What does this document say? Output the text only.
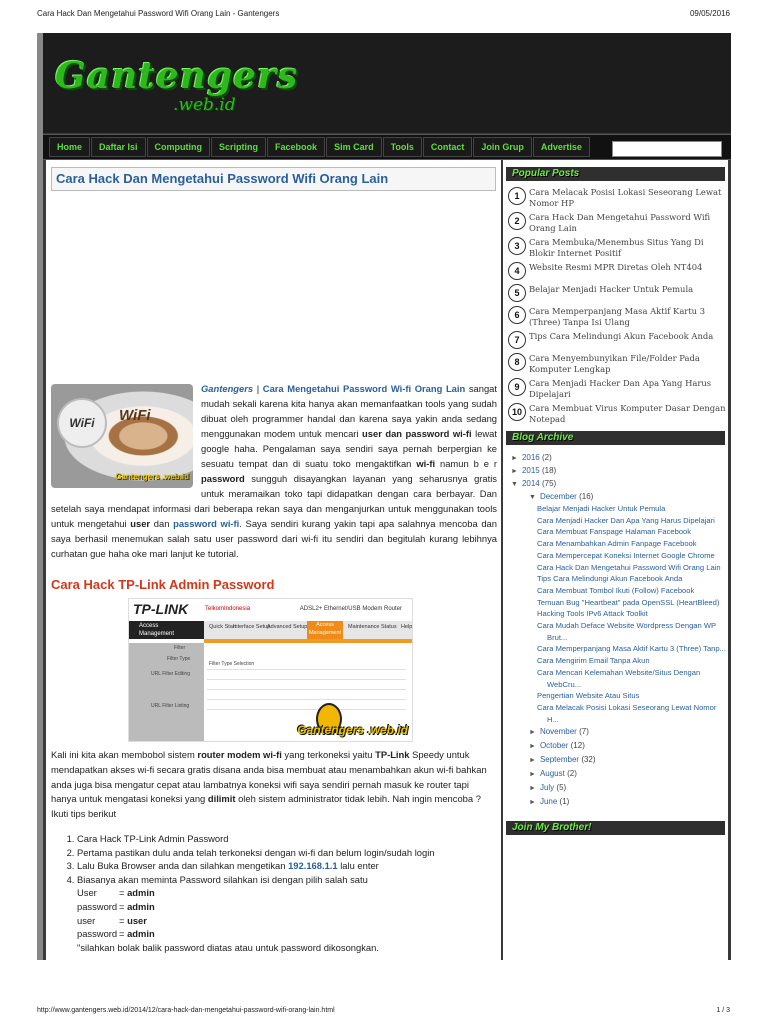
Cara Hack Dan Mengetahui Password Wifi Orang Lain - Gantengers	09/05/2016
Gantengers
.web.id
Home	Daftar Isi	Computing	Scripting	Facebook	Sim Card	Tools	Contact	Join Grup	Advertise
Cara Hack Dan Mengetahui Password Wifi Orang Lain
WiFi	WiFi
Gantengers .web.id
Gantengers | Cara Mengetahui Password Wi-fi Orang Lain sangat mudah sekali karena kita hanya akan memanfaatkan tools yang sudah dibuat oleh programmer handal dan karena saya yakin anda sedang menggunakan modem untuk mencari user dan password wi-fi lewat google haha. Pengalaman saya sendiri saya pernah berpergian ke sesuatu tempat dan di suatu toko mengaktifkan wi-fi namun b e r password sungguh disayangkan layanan yang seharusnya gratis untuk meramaikan toko tapi didapatkan dengan cara berbayar. Dan setelah saya mendapat informasi dari beberapa rekan saya dan menganjurkan untuk menggunakan tools untuk mengetahui user dan password wi-fi. Saya sendiri kurang yakin tapi apa salahnya mencoba dan saya berhasil menemukan salah satu user password dari wi-fi itu sendiri dan begitulah kurang lebihnya curhatan gue haha oke mari lanjut ke tutorial.
Cara Hack TP-Link Admin Password
TP-LINK	TelkomIndonesia	ADSL2+ Ethernet/USB Modem Router
Access Management
Quick Start
Interface Setup
Advanced Setup	Access Management
Maintenance Status Help
Filter
Filter Type
URL Filter Editing
URL Filter Listing
Filter Type Selection
Gantengers .web.id
Kali ini kita akan membobol sistem router modem wi-fi yang terkoneksi yaitu TP-Link Speedy untuk mendapatkan akses wi-fi secara gratis disana anda bisa membuat atau menambahkan akun wi-fi bahkan anda juga bisa mengatur cepat atau lambatnya koneksi wifi saya sendiri pernah masuk ke router tapi hanya untuk mengatasi koneksi yang dilimit oleh sistem administrator tidak lebih. Nah ingin mencoba ? Ikuti tips berikut
1. Cara Hack TP-Link Admin Password
2. Pertama pastikan dulu anda telah terkoneksi dengan wi-fi dan belum login/sudah login
3. Lalu Buka Browser anda dan silahkan mengetikan 192.168.1.1 lalu enter
4. Biasanya akan meminta Password silahkan isi dengan pilih salah satu
User = admin
password = admin
user	= user
password = admin
"silahkan bolak balik password diatas atau untuk password dikosongkan.
Popular Posts
1	Cara Melacak Posisi Lokasi Seseorang Lewat Nomor HP
2	Cara Hack Dan Mengetahui Password Wifi Orang Lain
3	Cara Membuka/Menembus Situs Yang Di Blokir Internet Positif
4	Website Resmi MPR Diretas Oleh NT404
5	Belajar Menjadi Hacker Untuk Pemula
6	Cara Memperpanjang Masa Aktif Kartu 3 (Three) Tanpa Isi Ulang
7	Tips Cara Melindungi Akun Facebook Anda
8	Cara Menyembunyikan File/Folder Pada Komputer Lengkap
9	Cara Menjadi Hacker Dan Apa Yang Harus Dipelajari
10 Cara Membuat Virus Komputer Dasar Dengan Notepad
Blog Archive
► 2016 (2)
► 2015 (18)
▼ 2014 (75)
▼ December (16)
Belajar Menjadi Hacker Untuk Pemula
Cara Menjadi Hacker Dan Apa Yang Harus Dipelajari
Cara Membuat Fanspage Halaman Facebook
Cara Menambahkan Admin Fanpage Facebook
Cara Mempercepat Koneksi Internet Google Chrome
Cara Hack Dan Mengetahui Password Wifi Orang Lain
Tips Cara Melindungi Akun Facebook Anda
Cara Membuat Tombol Ikuti (Follow) Facebook
Temuan Bug "Heartbeat" pada OpenSSL (HeartBleed)
Hacking Tools IPv6 Attack Toolkit
Cara Mudah Deface Website Wordpress Dengan WP Brut...
Cara Memperpanjang Masa Aktif Kartu 3 (Three) Tanp...
Cara Mengirim Email Tanpa Akun
Cara Mencari Kelemahan Website/Situs Dengan WebCru...
Pengertian Website Atau Situs
Cara Melacak Posisi Lokasi Seseorang Lewat Nomor H...
► November (7)
► October (12)
► September (32)
► August (2)
► July (5)
► June (1)
Join My Brother!
http://www.gantengers.web.id/2014/12/cara-hack-dan-mengetahui-password-wifi-orang-lain.html	1 / 3
